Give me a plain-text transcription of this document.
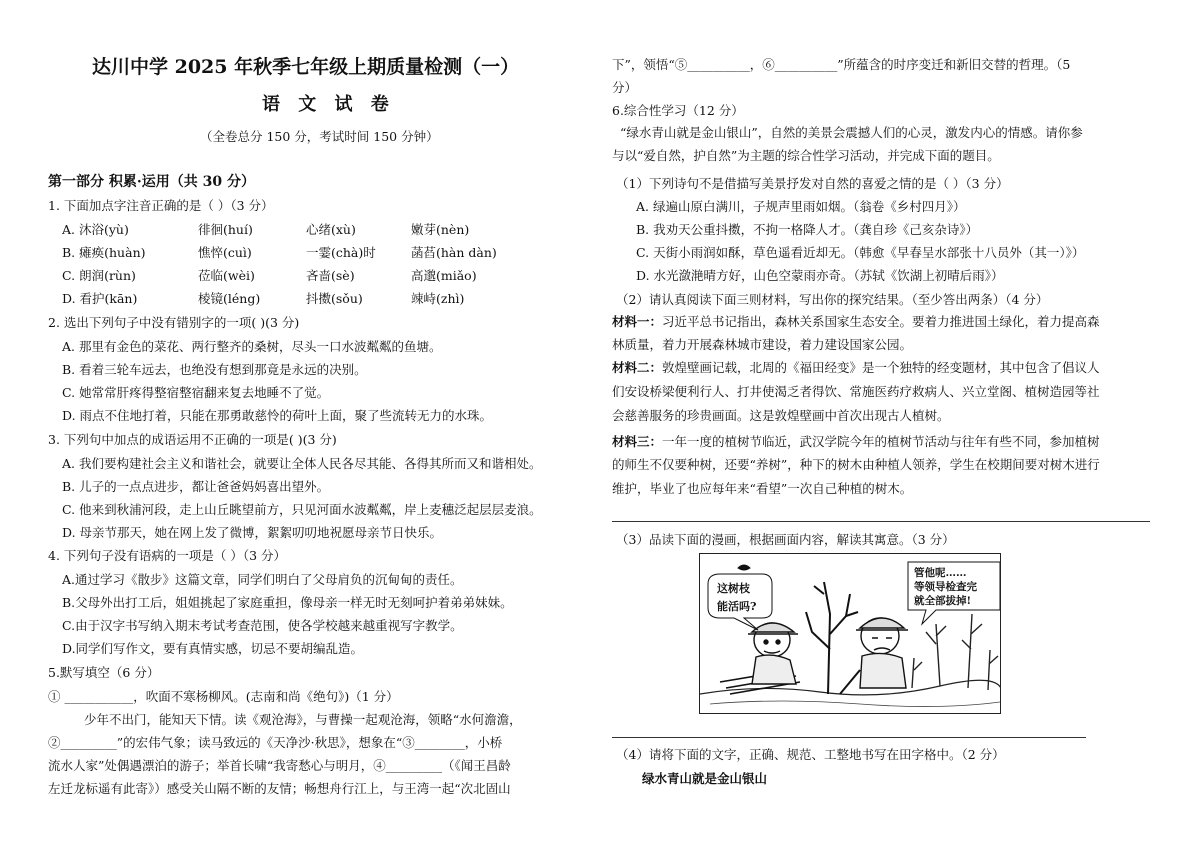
达川中学 2025 年秋季七年级上期质量检测（一）
语 文 试 卷
（全卷总分 150 分，考试时间 150 分钟）
第一部分 积累·运用（共 30 分）
1. 下面加点字注音正确的是（ ）（3 分）
A. 沐浴(yù)	徘徊(huí)	心绪(xù)	嫩芽(nèn)
B. 瘫痪(huàn)	憔悴(cuì)	一霎(chà)时	菡萏(hàn dàn)
C. 朗润(rùn)	莅临(wèi)	吝啬(sè)	高邈(miǎo)
D. 看护(kān)	棱镜(léng)	抖擞(sǒu)	竦峙(zhì)
2. 选出下列句子中没有错别字的一项( )(3 分)
A. 那里有金色的菜花、两行整齐的桑树，尽头一口水波粼粼的鱼塘。
B. 看着三轮车远去，也绝没有想到那竟是永远的决别。
C. 她常常肝疼得整宿整宿翻来复去地睡不了觉。
D. 雨点不住地打着，只能在那勇敢慈怜的荷叶上面，聚了些流转无力的水珠。
3. 下列句中加点的成语运用不正确的一项是( )(3 分)
A. 我们要构建社会主义和谐社会，就要让全体人民各尽其能、各得其所而又和谐相处。
B. 儿子的一点点进步，都让爸爸妈妈喜出望外。
C. 他来到秋浦河段，走上山丘眺望前方，只见河面水波粼粼，岸上麦穗泛起层层麦浪。
D. 母亲节那天，她在网上发了微博，絮絮叨叨地祝愿母亲节日快乐。
4. 下列句子没有语病的一项是（ ）（3 分）
A.通过学习《散步》这篇文章，同学们明白了父母肩负的沉甸甸的责任。
B.父母外出打工后，姐姐挑起了家庭重担，像母亲一样无时无刻呵护着弟弟妹妹。
C.由于汉字书写纳入期末考试考查范围，使各学校越来越重视写字教学。
D.同学们写作文，要有真情实感，切忌不要胡编乱造。
5.默写填空（6 分）
① ___________，吹面不寒杨柳风。(志南和尚《绝句》)（1 分）
少年不出门，能知天下情。读《观沧海》，与曹操一起观沧海，领略“水何澹澹，
②_________”的宏伟气象；读马致远的《天净沙·秋思》，想象在“③________，小桥
流水人家”处偶遇漂泊的游子；举首长啸“我寄愁心与明月，④_________（《闻王昌龄
左迁龙标遥有此寄》）感受关山隔不断的友情；畅想舟行江上，与王湾一起“次北固山
下”，领悟“⑤__________，⑥__________”所蕴含的时序变迁和新旧交替的哲理。（5
分）
6.综合性学习（12 分）
“绿水青山就是金山银山”，自然的美景会震撼人们的心灵，激发内心的情感。请你参
与以“爱自然，护自然”为主题的综合性学习活动，并完成下面的题目。
（1）下列诗句不是借描写美景抒发对自然的喜爱之情的是（ ）（3 分）
A. 绿遍山原白满川，子规声里雨如烟。（翁卷《乡村四月》）
B. 我劝天公重抖擞，不拘一格降人才。（龚自珍《己亥杂诗》）
C. 天街小雨润如酥，草色遥看近却无。（韩愈《早春呈水部张十八员外（其一）》）
D. 水光潋滟晴方好，山色空蒙雨亦奇。（苏轼《饮湖上初晴后雨》）
（2）请认真阅读下面三则材料，写出你的探究结果。（至少答出两条）（4 分）
材料一：习近平总书记指出，森林关系国家生态安全。要着力推进国土绿化，着力提高森
林质量，着力开展森林城市建设，着力建设国家公园。
材料二：敦煌壁画记载，北周的《福田经变》是一个独特的经变题材，其中包含了倡议人
们安设桥梁便利行人、打井使渴乏者得饮、常施医药疗救病人、兴立堂阁、植树造园等社
会慈善服务的珍贵画面。这是敦煌壁画中首次出现古人植树。
材料三：一年一度的植树节临近，武汉学院今年的植树节活动与往年有些不同，参加植树
的师生不仅要种树，还要“养树”，种下的树木由种植人领养，学生在校期间要对树木进行
维护，毕业了也应每年来“看望”一次自己种植的树木。
（3）品读下面的漫画，根据画面内容，解读其寓意。（3 分）
这树枝
能活吗?
管他呢……
等领导检查完
就全部拔掉!
（4）请将下面的文字，正确、规范、工整地书写在田字格中。（2 分）
绿水青山就是金山银山
